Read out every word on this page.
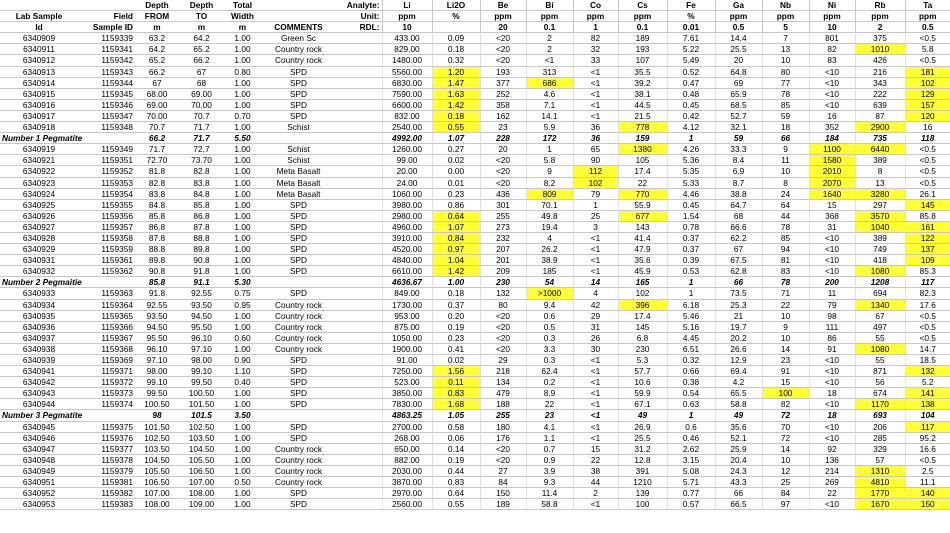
		Depth	Depth	Total		Analyte:	Li	Li2O	Be	Bi	Co	Cs	Fe	Ga	Nb	Ni	Rb	Ta
Lab Sample	Field	FROM	TO	Width		Unit:	ppm	%	ppm	ppm	ppm	ppm	%	ppm	ppm	ppm	ppm	ppm
Id	Sample ID	m	m	m	COMMENTS	RDL:	10		20	0.1	1	0.1	0.01	0.5	5	10	2	0.5
6340909	1159339	63.2	64.2	1.00	Green Sc		433.00	0.09	<20	2	82	189	7.61	14.4	7	801	375	<0.5
6340911	1159341	64.2	65.2	1.00	Country rock		829.00	0.18	<20	2	32	193	5.22	25.5	13	82	1010	5.8
6340912	1159342	65.2	66.2	1.00	Country rock		1480.00	0.32	<20	<1	33	107	5.49	20	10	83	426	<0.5
6340913	1159343	66.2	67	0.80	SPD		5560.00	1.20	193	313	<1	35.5	0.52	64.8	80	<10	216	181
6340914	1159344	67	68	1.00	SPD		6830.00	1.47	377	686	<1	39.2	0.47	69	77	<10	343	102
6340915	1159345	68.00	69.00	1.00	SPD		7590.00	1.63	252	4.6	<1	38.1	0.48	65.9	78	<10	222	129
6340916	1159346	69.00	70.00	1.00	SPD		6600.00	1.42	358	7.1	<1	44.5	0.45	68.5	85	<10	639	157
6340917	1159347	70.00	70.7	0.70	SPD		832.00	0.18	162	14.1	<1	21.5	0.42	52.7	59	16	87	120
6340918	1159348	70.7	71.7	1.00	Schist		2540.00	0.55	23	5.9	36	778	4.12	32.1	18	352	2900	16
Number 1 Pegmatite		66.2	71.7	5.50			4992.00	1.07	228	172	36	159	1	59	66	184	735	118
6340919	1159349	71.7	72.7	1.00	Schist		1260.00	0.27	20	1	65	1380	4.26	33.3	9	1100	6440	<0.5
6340921	1159351	72.70	73.70	1.00	Schist		99.00	0.02	<20	5.8	90	105	5.36	8.4	11	1580	389	<0.5
6340922	1159352	81.8	82.8	1.00	Meta Basalt		20.00	0.00	<20	9	112	17.4	5.35	6.9	10	2010	8	<0.5
6340923	1159353	82.8	83.8	1.00	Meta Basalt		24.00	0.01	<20	8.2	102	22	5.33	8.7	8	2070	13	<0.5
6340924	1159354	83.8	84.8	1.00	Meta Basalt		1060.00	0.23	436	809	79	770	4.46	38.8	24	1640	3280	26.1
6340925	1159355	84.8	85.8	1.00	SPD		3980.00	0.86	301	70.1	1	55.9	0.45	64.7	64	15	297	145
6340926	1159356	85.8	86.8	1.00	SPD		2980.00	0.64	255	49.8	25	677	1.54	68	44	368	3570	85.8
6340927	1159357	86.8	87.8	1.00	SPD		4960.00	1.07	273	19.4	3	143	0.78	66.6	78	31	1040	161
6340928	1159358	87.8	88.8	1.00	SPD		3910.00	0.84	232	4	<1	41.4	0.37	62.2	85	<10	389	122
6340929	1159359	88.8	89.8	1.00	SPD		4520.00	0.97	207	26.2	<1	47.9	0.37	67	94	<10	749	137
6340931	1159361	89.8	90.8	1.00	SPD		4840.00	1.04	201	38.9	<1	35.6	0.39	67.5	81	<10	418	109
6340932	1159362	90.8	91.8	1.00	SPD		6610.00	1.42	209	185	<1	45.9	0.53	62.8	83	<10	1080	85.3
Number 2 Pegmaitie		85.8	91.1	5.30			4636.67	1.00	230	54	14	165	1	66	78	200	1208	117
6340933	1159363	91.8	92.55	0.75	SPD		849.00	0.18	132	>1000	4	102	1	73.5	71	11	694	82.3
6340934	1159364	92.55	93.50	0.95	Country rock		1730.00	0.37	80	9.4	42	396	6.18	25.3	22	79	1340	17.6
6340935	1159365	93.50	94.50	1.00	Country rock		953.00	0.20	<20	0.6	29	17.4	5.46	21	10	98	67	<0.5
6340936	1159366	94.50	95.50	1.00	Country rock		875.00	0.19	<20	0.5	31	145	5.16	19.7	9	111	497	<0.5
6340937	1159367	95.50	96.10	0.60	Country rock		1050.00	0.23	<20	0.3	26	6.8	4.45	20.2	10	86	55	<0.5
6340938	1159368	96.10	97.10	1.00	Country rock		1900.00	0.41	<20	3.3	30	230	6.51	26.6	14	91	1080	14.7
6340939	1159369	97.10	98.00	0.90	SPD		91.00	0.02	29	0.3	<1	5.3	0.32	12.9	23	<10	55	18.5
6340941	1159371	98.00	99.10	1.10	SPD		7250.00	1.56	218	62.4	<1	57.7	0.66	69.4	91	<10	871	132
6340942	1159372	99.10	99.50	0.40	SPD		523.00	0.11	134	0.2	<1	10.6	0.38	4.2	15	<10	56	5.2
6340943	1159373	99.50	100.50	1.00	SPD		3850.00	0.83	479	8.9	<1	59.9	0.54	65.5	100	18	674	141
6340944	1159374	100.50	101.50	1.00	SPD		7830.00	1.68	188	22	<1	67.1	0.63	58.8	82	<10	1170	138
Number 3 Pegmatite		98	101.5	3.50			4863.25	1.05	255	23	<1	49	1	49	72	18	693	104
6340945	1159375	101.50	102.50	1.00	SPD		2700.00	0.58	180	4.1	<1	26.9	0.6	35.6	70	<10	206	117
6340946	1159376	102.50	103.50	1.00	SPD		268.00	0.06	176	1.1	<1	25.5	0.46	52.1	72	<10	285	95.2
6340947	1159377	103.50	104.50	1.00	Country rock		650.00	0.14	<20	0.7	15	31.2	2.62	25.9	14	92	329	16.6
6340948	1159378	104.50	105.50	1.00	Country rock		882.00	0.19	<20	0.9	22	12.8	3.15	20.4	10	136	57	<0.5
6340949	1159379	105.50	106.50	1.00	Country rock		2030.00	0.44	27	3.9	38	391	5.08	24.3	12	214	1310	2.5
6340951	1159381	106.50	107.00	0.50	Country rock		3870.00	0.83	84	9.3	44	1210	5.71	43.3	25	269	4810	11.1
6340952	1159382	107.00	108.00	1.00	SPD		2970.00	0.64	150	11.4	2	139	0.77	66	84	22	1770	140
6340953	1159383	108.00	109.00	1.00	SPD		2560.00	0.55	189	58.8	<1	100	0.57	66.5	97	<10	1670	150
